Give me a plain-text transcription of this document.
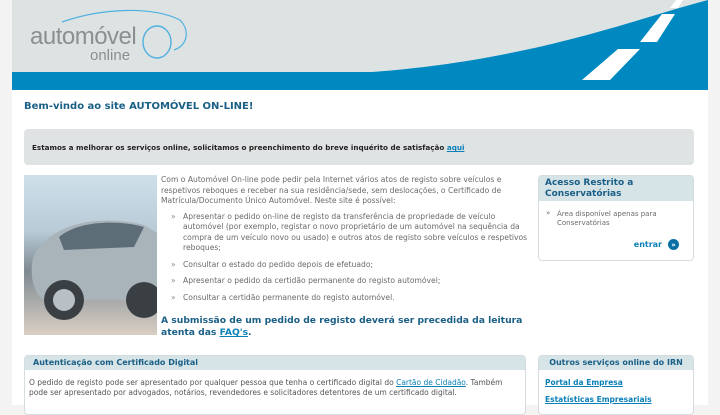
automóvel
online
Bem-vindo ao site AUTOMÓVEL ON-LINE!
Estamos a melhorar os serviços online, solicitamos o preenchimento do breve inquérito de satisfação aqui

Com o Automóvel On-line pode pedir pela Internet vários atos de registo sobre veículos e respetivos reboques e receber na sua residência/sede, sem deslocações, o Certificado de Matrícula/Documento Único Automóvel. Neste site é possível:

» Apresentar o pedido on-line de registo da transferência de propriedade de veículo automóvel (por exemplo, registar o novo proprietário de um automóvel na sequência da compra de um veículo novo ou usado) e outros atos de registo sobre veículos e respetivos reboques;
» Consultar o estado do pedido depois de efetuado;
» Apresentar o pedido da certidão permanente do registo automóvel;
» Consultar a certidão permanente do registo automóvel.
A submissão de um pedido de registo deverá ser precedida da leitura atenta das FAQ's.
Acesso Restrito a Conservatórias
» Área disponível apenas para Conservatórias
entrar	»
Autenticação com Certificado Digital
O pedido de registo pode ser apresentado por qualquer pessoa que tenha o certificado digital do Cartão de Cidadão. Também pode ser apresentado por advogados, notários, revendedores e solicitadores detentores de um certificado digital.
Outros serviços online do IRN
Portal da Empresa
Estatísticas Empresariais
